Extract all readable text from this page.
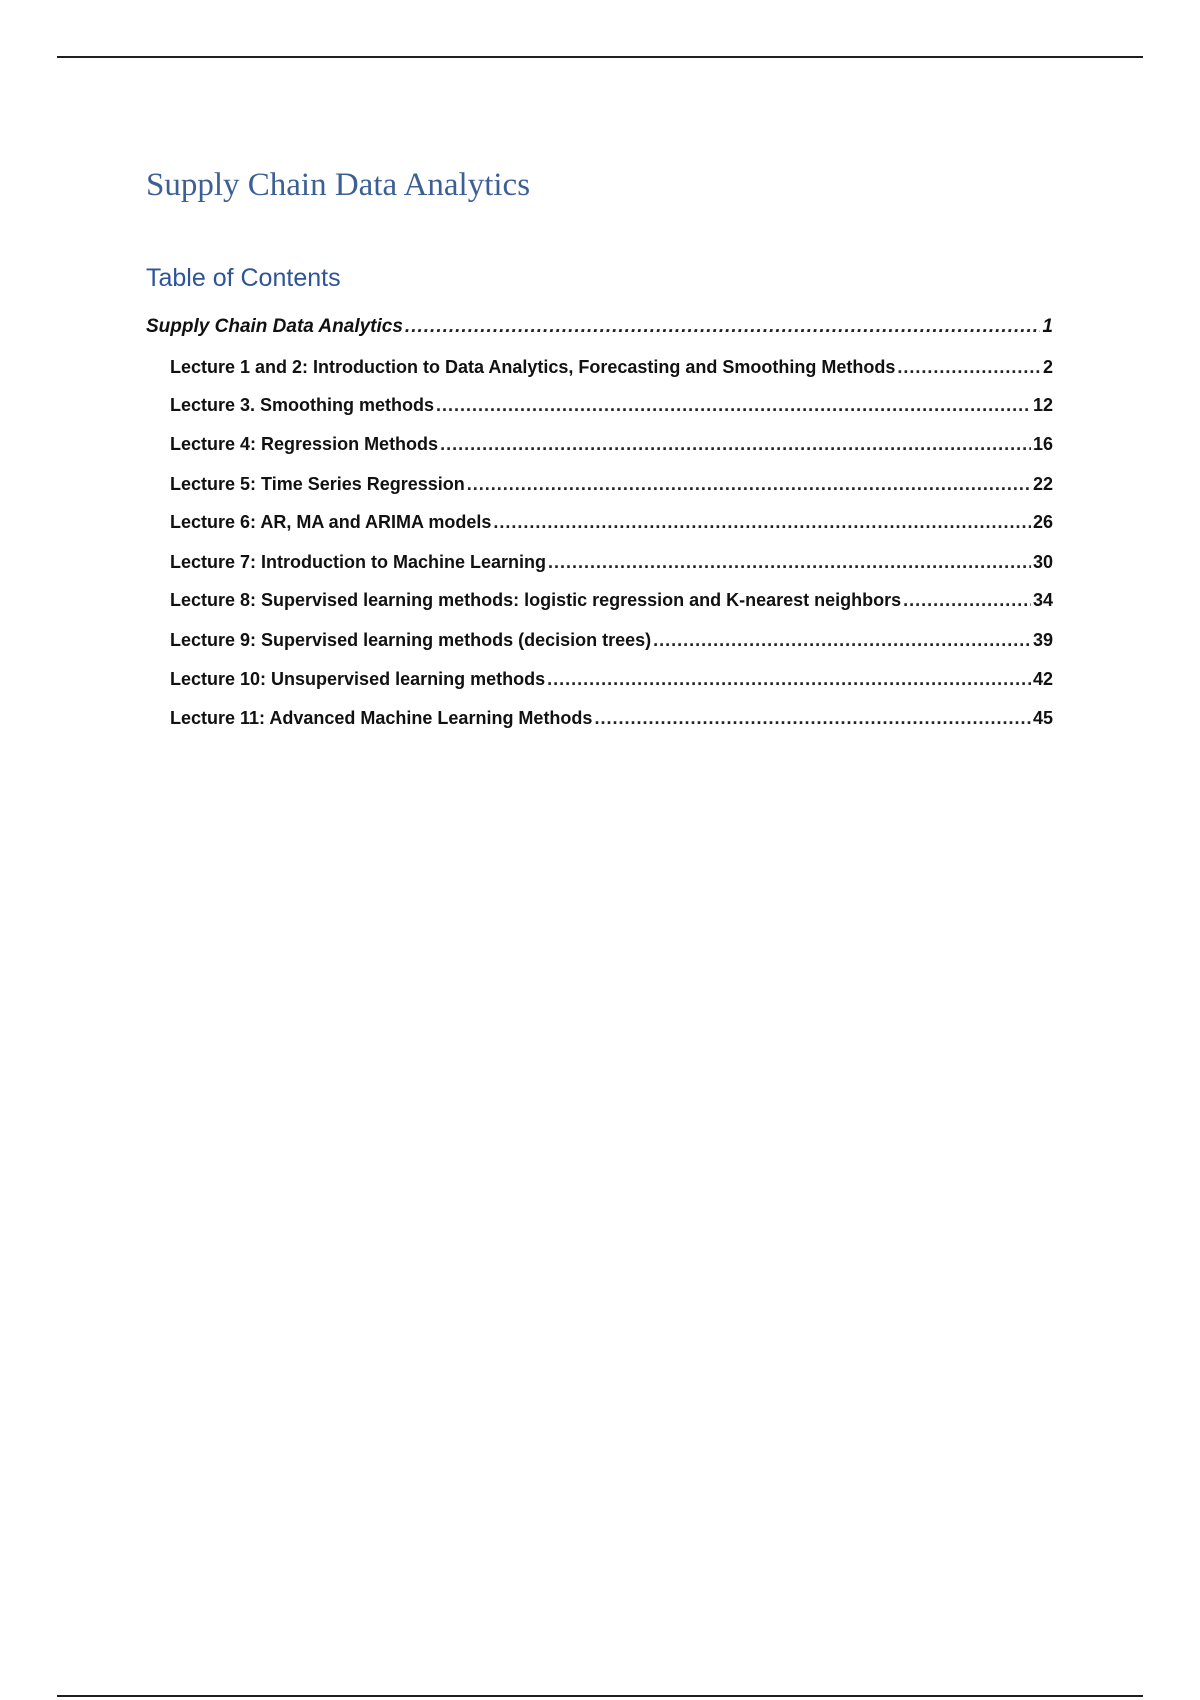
Supply Chain Data Analytics
Table of Contents
Supply Chain Data Analytics .....	1
Lecture 1 and 2: Introduction to Data Analytics, Forecasting and Smoothing Methods .....	2
Lecture 3. Smoothing methods .....	12
Lecture 4: Regression Methods .....	16
Lecture 5: Time Series Regression .....	22
Lecture 6: AR, MA and ARIMA models .....	26
Lecture 7: Introduction to Machine Learning .....	30
Lecture 8: Supervised learning methods: logistic regression and K-nearest neighbors .....	34
Lecture 9: Supervised learning methods (decision trees) .....	39
Lecture 10: Unsupervised learning methods .....	42
Lecture 11: Advanced Machine Learning Methods .....	45
